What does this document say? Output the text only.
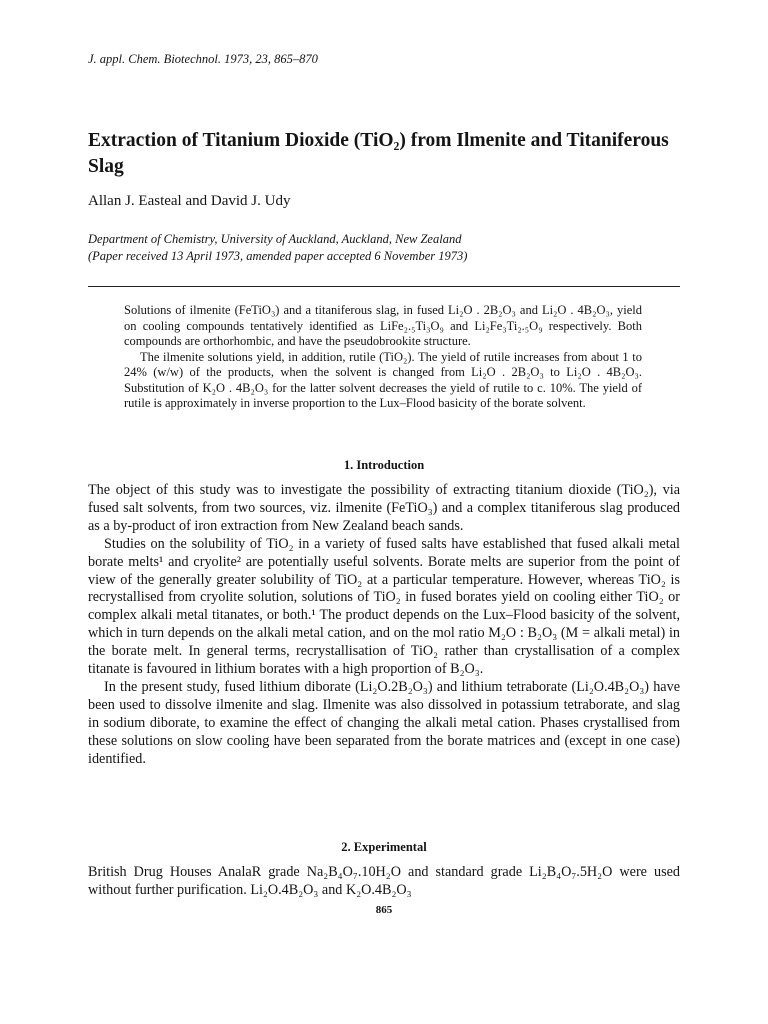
J. appl. Chem. Biotechnol. 1973, 23, 865–870
Extraction of Titanium Dioxide (TiO₂) from Ilmenite and Titaniferous Slag
Allan J. Easteal and David J. Udy
Department of Chemistry, University of Auckland, Auckland, New Zealand
(Paper received 13 April 1973, amended paper accepted 6 November 1973)

Solutions of ilmenite (FeTiO₃) and a titaniferous slag, in fused Li₂O . 2B₂O₃ and Li₂O . 4B₂O₃, yield on cooling compounds tentatively identified as LiFe₂.₅Ti₃O₉ and Li₂Fe₃Ti₂.₅O₉ respectively. Both compounds are orthorhombic, and have the pseudobrookite structure.

The ilmenite solutions yield, in addition, rutile (TiO₂). The yield of rutile increases from about 1 to 24% (w/w) of the products, when the solvent is changed from Li₂O . 2B₂O₃ to Li₂O . 4B₂O₃. Substitution of K₂O . 4B₂O₃ for the latter solvent decreases the yield of rutile to c. 10%. The yield of rutile is approximately in inverse proportion to the Lux–Flood basicity of the borate solvent.

1. Introduction

The object of this study was to investigate the possibility of extracting titanium dioxide (TiO₂), via fused salt solvents, from two sources, viz. ilmenite (FeTiO₃) and a complex titaniferous slag produced as a by-product of iron extraction from New Zealand beach sands.

Studies on the solubility of TiO₂ in a variety of fused salts have established that fused alkali metal borate melts¹ and cryolite² are potentially useful solvents. Borate melts are superior from the point of view of the generally greater solubility of TiO₂ at a particular temperature. However, whereas TiO₂ is recrystallised from cryolite solution, solutions of TiO₂ in fused borates yield on cooling either TiO₂ or complex alkali metal titanates, or both.¹ The product depends on the Lux–Flood basicity of the solvent, which in turn depends on the alkali metal cation, and on the mol ratio M₂O : B₂O₃ (M = alkali metal) in the borate melt. In general terms, recrystallisation of TiO₂ rather than crystallisation of a complex titanate is favoured in lithium borates with a high proportion of B₂O₃.

In the present study, fused lithium diborate (Li₂O.2B₂O₃) and lithium tetraborate (Li₂O.4B₂O₃) have been used to dissolve ilmenite and slag. Ilmenite was also dissolved in potassium tetraborate, and slag in sodium diborate, to examine the effect of changing the alkali metal cation. Phases crystallised from these solutions on slow cooling have been separated from the borate matrices and (except in one case) identified.

2. Experimental

British Drug Houses AnalaR grade Na₂B₄O₇.10H₂O and standard grade Li₂B₄O₇.5H₂O were used without further purification. Li₂O.4B₂O₃ and K₂O.4B₂O₃

865
